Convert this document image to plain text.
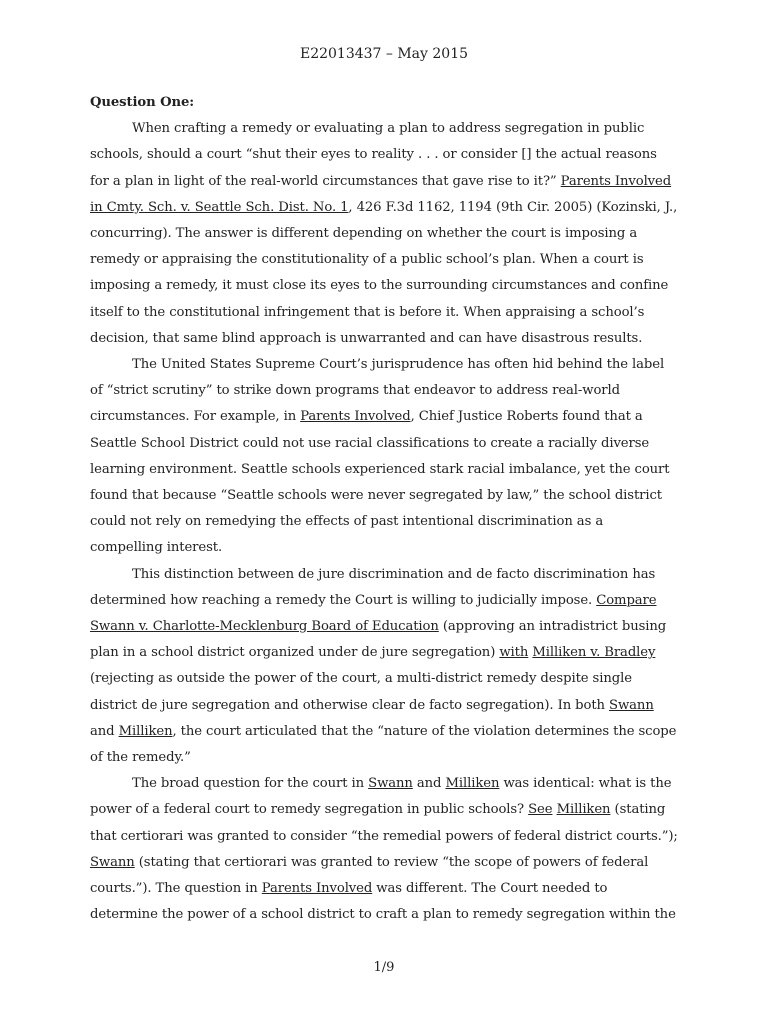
E22013437 – May 2015

Question One:

When crafting a remedy or evaluating a plan to address segregation in public schools, should a court “shut their eyes to reality . . . or consider [] the actual reasons for a plan in light of the real-world circumstances that gave rise to it?” Parents Involved in Cmty. Sch. v. Seattle Sch. Dist. No. 1, 426 F.3d 1162, 1194 (9th Cir. 2005) (Kozinski, J., concurring). The answer is different depending on whether the court is imposing a remedy or appraising the constitutionality of a public school’s plan. When a court is imposing a remedy, it must close its eyes to the surrounding circumstances and confine itself to the constitutional infringement that is before it. When appraising a school’s decision, that same blind approach is unwarranted and can have disastrous results.

The United States Supreme Court’s jurisprudence has often hid behind the label of “strict scrutiny” to strike down programs that endeavor to address real-world circumstances. For example, in Parents Involved, Chief Justice Roberts found that a Seattle School District could not use racial classifications to create a racially diverse learning environment. Seattle schools experienced stark racial imbalance, yet the court found that because “Seattle schools were never segregated by law,” the school district could not rely on remedying the effects of past intentional discrimination as a compelling interest.

This distinction between de jure discrimination and de facto discrimination has determined how reaching a remedy the Court is willing to judicially impose. Compare Swann v. Charlotte-Mecklenburg Board of Education (approving an intradistrict busing plan in a school district organized under de jure segregation) with Milliken v. Bradley (rejecting as outside the power of the court, a multi-district remedy despite single district de jure segregation and otherwise clear de facto segregation). In both Swann and Milliken, the court articulated that the “nature of the violation determines the scope of the remedy.”

The broad question for the court in Swann and Milliken was identical: what is the power of a federal court to remedy segregation in public schools? See Milliken (stating that certiorari was granted to consider “the remedial powers of federal district courts.”); Swann (stating that certiorari was granted to review “the scope of powers of federal courts.”). The question in Parents Involved was different. The Court needed to determine the power of a school district to craft a plan to remedy segregation within the

1/9
